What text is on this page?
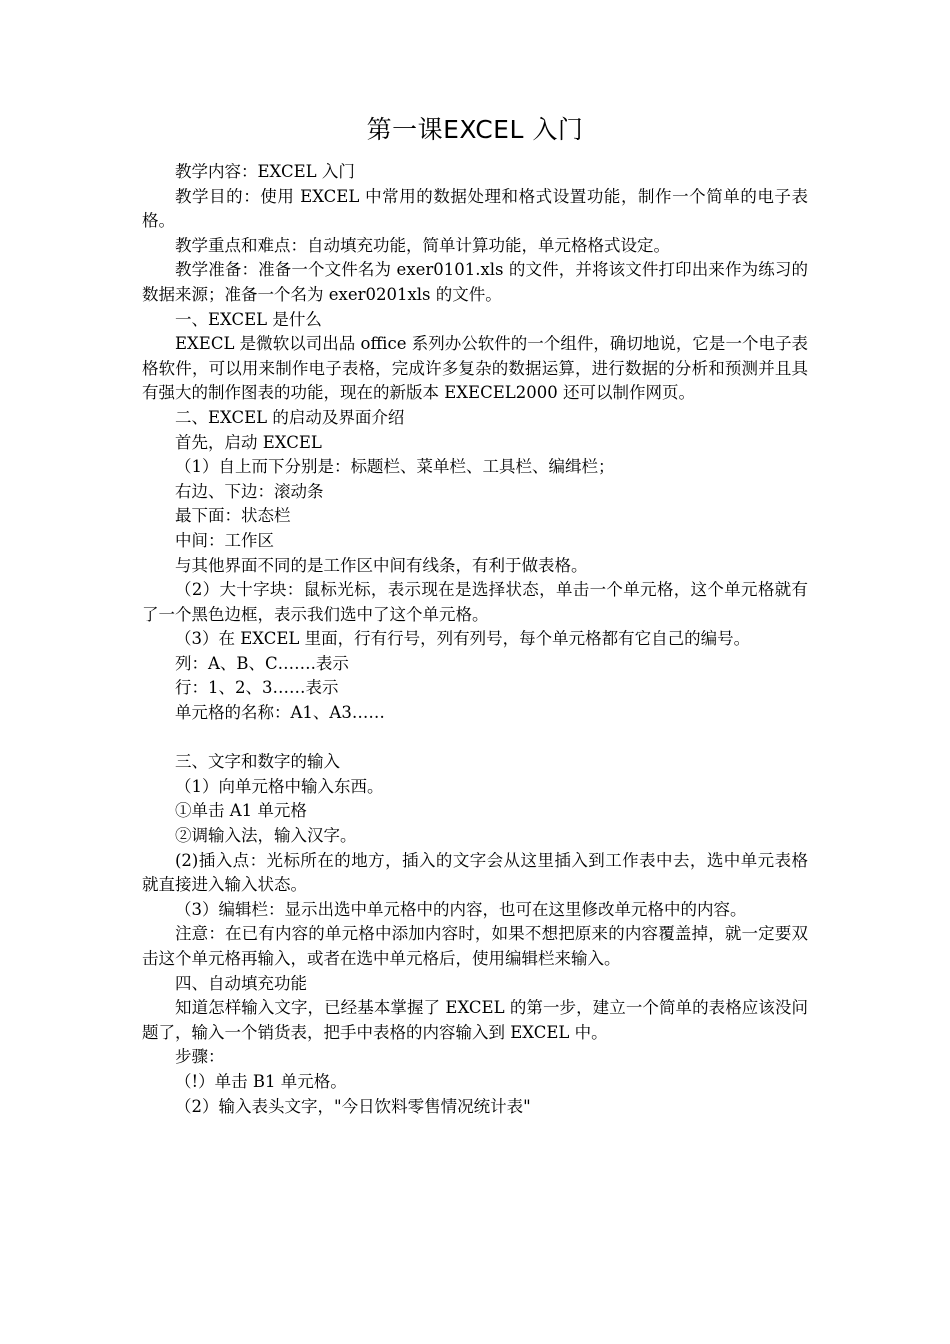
第一课EXCEL 入门

教学内容：EXCEL 入门

教学目的：使用 EXCEL 中常用的数据处理和格式设置功能，制作一个简单的电子表格。

教学重点和难点：自动填充功能，简单计算功能，单元格格式设定。

教学准备：准备一个文件名为 exer0101.xls 的文件，并将该文件打印出来作为练习的数据来源；准备一个名为 exer0201xls 的文件。

一、EXCEL 是什么

EXECL 是微软以司出品 office 系列办公软件的一个组件，确切地说，它是一个电子表格软件，可以用来制作电子表格，完成许多复杂的数据运算，进行数据的分析和预测并且具有强大的制作图表的功能，现在的新版本 EXECEL2000 还可以制作网页。

二、EXCEL 的启动及界面介绍

首先，启动 EXCEL

（1）自上而下分别是：标题栏、菜单栏、工具栏、编缉栏；

右边、下边：滚动条

最下面：状态栏

中间：工作区

与其他界面不同的是工作区中间有线条，有利于做表格。

（2）大十字块：鼠标光标，表示现在是选择状态，单击一个单元格，这个单元格就有了一个黑色边框，表示我们选中了这个单元格。

（3）在 EXCEL 里面，行有行号，列有列号，每个单元格都有它自己的编号。

列：A、B、C…….表示

行：1、2、3……表示

单元格的名称：A1、A3……

三、文字和数字的输入

（1）向单元格中输入东西。

①单击 A1 单元格

②调输入法，输入汉字。

(2)插入点：光标所在的地方，插入的文字会从这里插入到工作表中去，选中单元表格就直接进入输入状态。

（3）编辑栏：显示出选中单元格中的内容，也可在这里修改单元格中的内容。

注意：在已有内容的单元格中添加内容时，如果不想把原来的内容覆盖掉，就一定要双击这个单元格再输入，或者在选中单元格后，使用编辑栏来输入。

四、自动填充功能

知道怎样输入文字，已经基本掌握了 EXCEL 的第一步，建立一个简单的表格应该没问题了，输入一个销货表，把手中表格的内容输入到 EXCEL 中。

步骤：

（!）单击 B1 单元格。

（2）输入表头文字，"今日饮料零售情况统计表"
